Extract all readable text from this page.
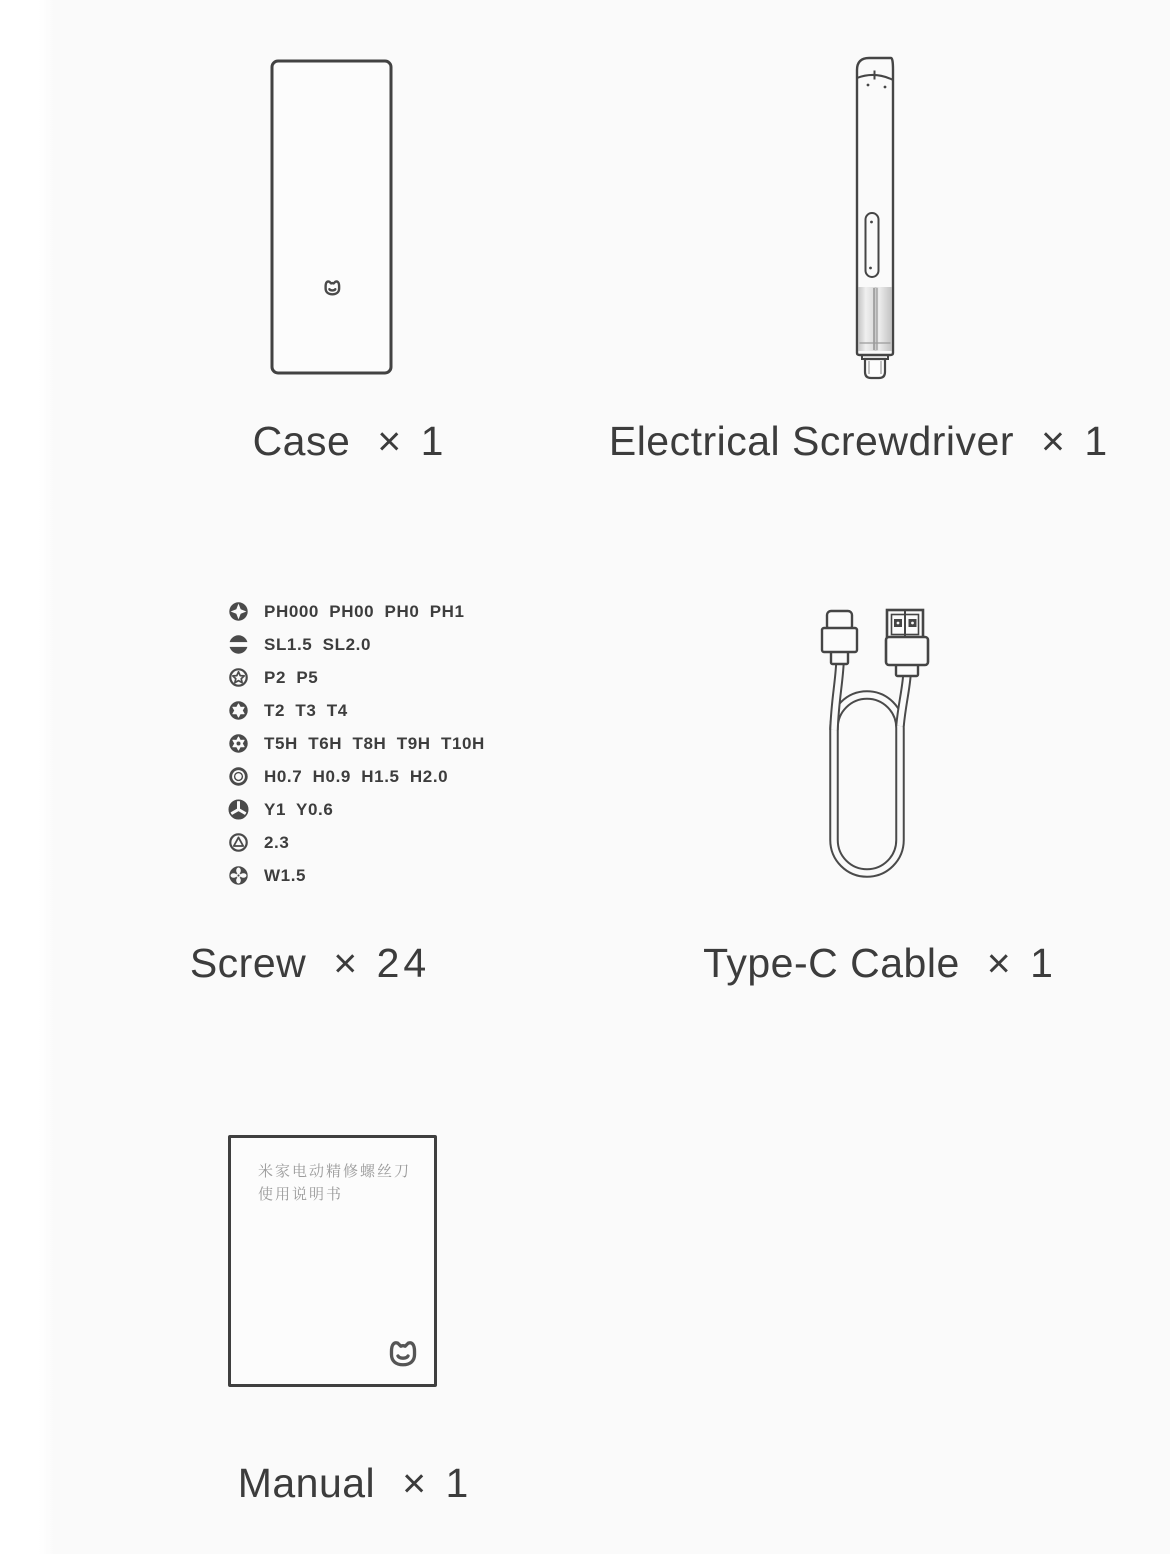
Case × 1	Electrical Screwdriver × 1
PH000 PH00 PH0 PH1
SL1.5 SL2.0
P2 P5
T2 T3 T4
T5H T6H T8H T9H T10H
H0.7 H0.9 H1.5 H2.0
Y1 Y0.6
2.3
W1.5
Screw × 24	Type-C Cable × 1
米家电动精修螺丝刀
使用说明书
Manual × 1
